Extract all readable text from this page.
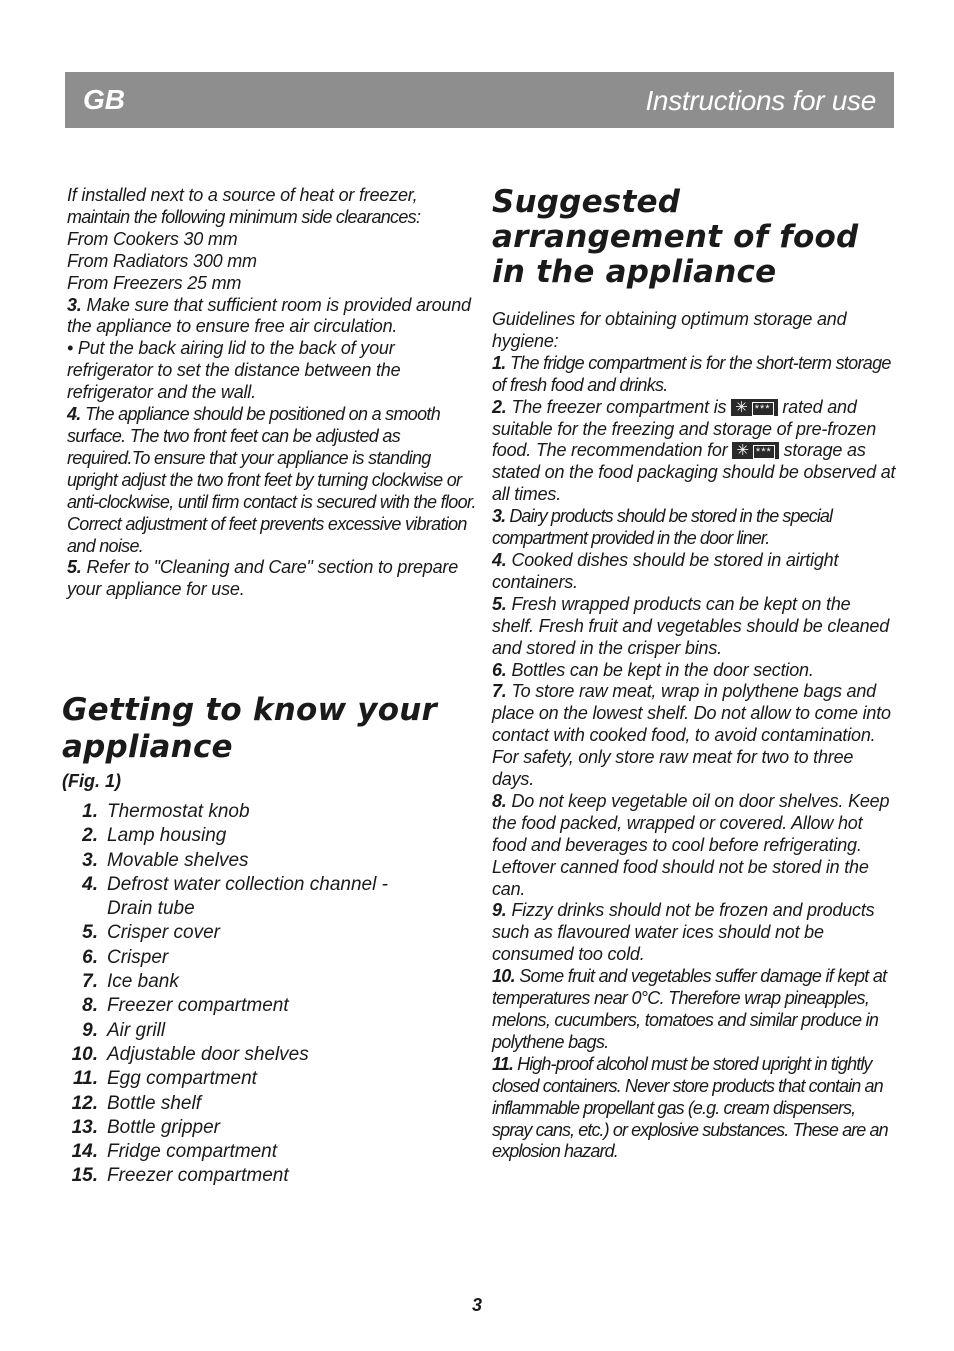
GB	Instructions for use
If installed next to a source of heat or freezer,
maintain the following minimum side clearances:
From Cookers 30 mm
From Radiators 300 mm
From Freezers 25 mm
3. Make sure that sufficient room is provided around the appliance to ensure free air circulation.
• Put the back airing lid to the back of your refrigerator to set the distance between the refrigerator and the wall.
4. The appliance should be positioned on a smooth surface. The two front feet can be adjusted as required.To ensure that your appliance is standing upright adjust the two front feet by turning clockwise or anti-clockwise, until firm contact is secured with the floor. Correct adjustment of feet prevents excessive vibration and noise.
5. Refer to "Cleaning and Care" section to prepare your appliance for use.
Getting to know your
appliance
(Fig. 1)
1. Thermostat knob
2. Lamp housing
3. Movable shelves
4. Defrost water collection channel -
Drain tube
5. Crisper cover
6. Crisper
7. Ice bank
8. Freezer compartment
9. Air grill
10. Adjustable door shelves
11. Egg compartment
12. Bottle shelf
13. Bottle gripper
14. Fridge compartment
15. Freezer compartment
Suggested
arrangement of food
in the appliance
Guidelines for obtaining optimum storage and hygiene:
1. The fridge compartment is for the short-term storage of fresh food and drinks.
2. The freezer compartment is ✳ *** rated and suitable for the freezing and storage of pre-frozen food. The recommendation for ✳ *** storage as stated on the food packaging should be observed at all times.
3. Dairy products should be stored in the special compartment provided in the door liner.
4. Cooked dishes should be stored in airtight containers.
5. Fresh wrapped products can be kept on the shelf. Fresh fruit and vegetables should be cleaned and stored in the crisper bins.
6. Bottles can be kept in the door section.
7. To store raw meat, wrap in polythene bags and place on the lowest shelf. Do not allow to come into contact with cooked food, to avoid contamination. For safety, only store raw meat for two to three days.
8. Do not keep vegetable oil on door shelves. Keep the food packed, wrapped or covered. Allow hot food and beverages to cool before refrigerating. Leftover canned food should not be stored in the can.
9. Fizzy drinks should not be frozen and products such as flavoured water ices should not be consumed too cold.
10. Some fruit and vegetables suffer damage if kept at temperatures near 0°C. Therefore wrap pineapples, melons, cucumbers, tomatoes and similar produce in polythene bags.
11. High-proof alcohol must be stored upright in tightly closed containers. Never store products that contain an inflammable propellant gas (e.g. cream dispensers, spray cans, etc.) or explosive substances. These are an explosion hazard.
3
